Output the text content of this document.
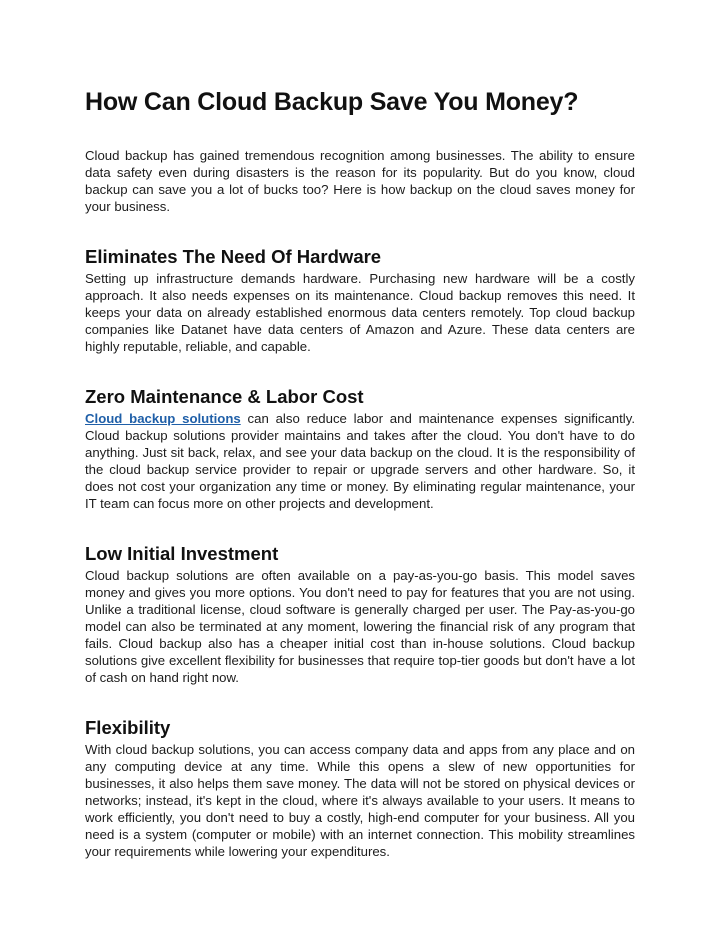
How Can Cloud Backup Save You Money?

Cloud backup has gained tremendous recognition among businesses. The ability to ensure data safety even during disasters is the reason for its popularity. But do you know, cloud backup can save you a lot of bucks too? Here is how backup on the cloud saves money for your business.

Eliminates The Need Of Hardware

Setting up infrastructure demands hardware. Purchasing new hardware will be a costly approach. It also needs expenses on its maintenance. Cloud backup removes this need. It keeps your data on already established enormous data centers remotely. Top cloud backup companies like Datanet have data centers of Amazon and Azure. These data centers are highly reputable, reliable, and capable.

Zero Maintenance & Labor Cost

Cloud backup solutions can also reduce labor and maintenance expenses significantly. Cloud backup solutions provider maintains and takes after the cloud. You don't have to do anything. Just sit back, relax, and see your data backup on the cloud. It is the responsibility of the cloud backup service provider to repair or upgrade servers and other hardware. So, it does not cost your organization any time or money. By eliminating regular maintenance, your IT team can focus more on other projects and development.

Low Initial Investment

Cloud backup solutions are often available on a pay-as-you-go basis. This model saves money and gives you more options. You don't need to pay for features that you are not using. Unlike a traditional license, cloud software is generally charged per user. The Pay-as-you-go model can also be terminated at any moment, lowering the financial risk of any program that fails. Cloud backup also has a cheaper initial cost than in-house solutions. Cloud backup solutions give excellent flexibility for businesses that require top-tier goods but don't have a lot of cash on hand right now.

Flexibility

With cloud backup solutions, you can access company data and apps from any place and on any computing device at any time. While this opens a slew of new opportunities for businesses, it also helps them save money. The data will not be stored on physical devices or networks; instead, it's kept in the cloud, where it's always available to your users. It means to work efficiently, you don't need to buy a costly, high-end computer for your business. All you need is a system (computer or mobile) with an internet connection. This mobility streamlines your requirements while lowering your expenditures.
